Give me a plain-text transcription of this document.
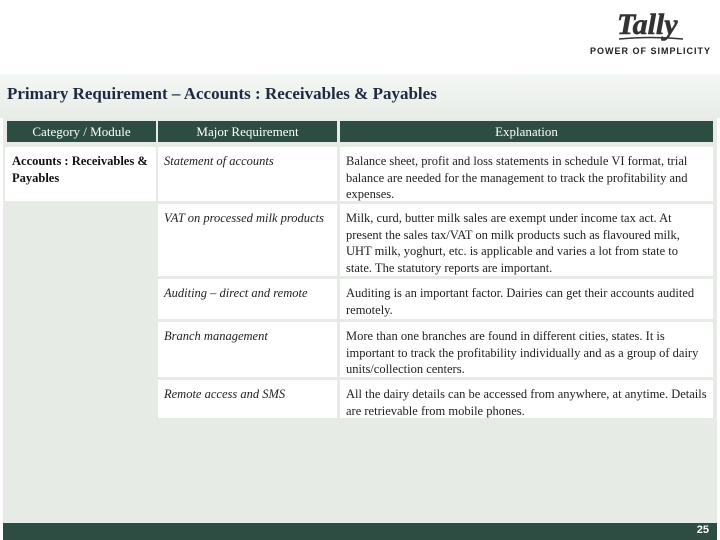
Tally
POWER OF SIMPLICITY
Primary Requirement – Accounts : Receivables & Payables
Category / Module	Major Requirement	Explanation
Accounts : Receivables & Payables
Statement of accounts	Balance sheet, profit and loss statements in schedule VI format, trial balance are needed for the management to track the profitability and expenses.
VAT on processed milk products	Milk, curd, butter milk sales are exempt under income tax act. At present the sales tax/VAT on milk products such as flavoured milk, UHT milk, yoghurt, etc. is applicable and varies a lot from state to state. The statutory reports are important.
Auditing – direct and remote	Auditing is an important factor. Dairies can get their accounts audited remotely.
Branch management	More than one branches are found in different cities, states. It is important to track the profitability individually and as a group of dairy units/collection centers.
Remote access and SMS	All the dairy details can be accessed from anywhere, at anytime. Details are retrievable from mobile phones.
25
